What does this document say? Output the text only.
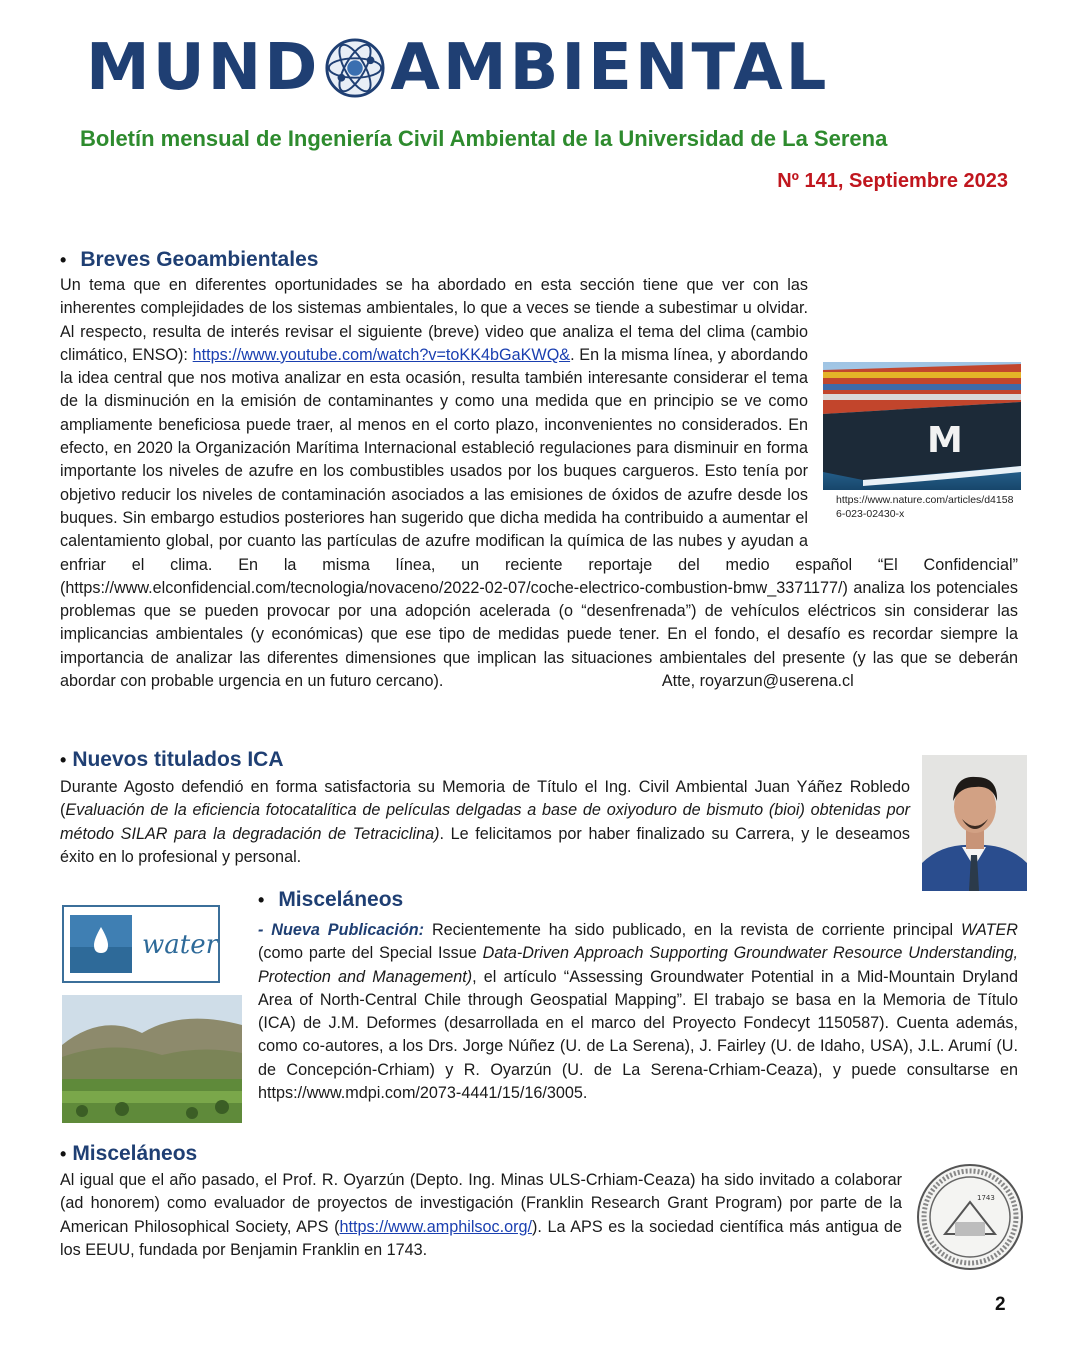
MUND AMBIENTAL
Boletín mensual de Ingeniería Civil Ambiental de la Universidad de La Serena
Nº 141, Septiembre 2023
• Breves Geoambientales
Un tema que en diferentes oportunidades se ha abordado en esta sección tiene que ver con las inherentes complejidades de los sistemas ambientales, lo que a veces se tiende a subestimar u olvidar. Al respecto, resulta de interés revisar el siguiente (breve) video que analiza el tema del clima (cambio climático, ENSO): https://www.youtube.com/watch?v=toKK4bGaKWQ&. En la misma línea, y abordando la idea central que nos motiva analizar en esta ocasión, resulta también interesante considerar el tema de la disminución en la emisión de contaminantes y como una medida que en principio se ve como ampliamente beneficiosa puede traer, al menos en el corto plazo, inconvenientes no considerados. En efecto, en 2020 la Organización Marítima Internacional estableció regulaciones para disminuir en forma importante los niveles de azufre en los combustibles usados por los buques cargueros. Esto tenía por objetivo reducir los niveles de contaminación asociados a las emisiones de óxidos de azufre desde los buques. Sin embargo estudios posteriores han sugerido que dicha medida ha contribuido a aumentar el calentamiento global, por cuanto las partículas de azufre modifican la química de las nubes y ayudan a enfriar el clima. En la misma línea, un reciente reportaje del medio español “El Confidencial” (https://www.elconfidencial.com/tecnologia/novaceno/2022-02-07/coche-electrico-combustion-bmw_3371177/) analiza los potenciales problemas que se pueden provocar por una adopción acelerada (o “desenfrenada”) de vehículos eléctricos sin considerar las implicancias ambientales (y económicas) que ese tipo de medidas puede tener. En el fondo, el desafío es recordar siempre la importancia de analizar las diferentes dimensiones que implican las situaciones ambientales del presente (y las que se deberán abordar con probable urgencia en un futuro cercano).	Atte, royarzun@userena.cl
M
https://www.nature.com/articles/d41586-023-02430-x
• Nuevos titulados ICA
Durante Agosto defendió en forma satisfactoria su Memoria de Título el Ing. Civil Ambiental Juan Yáñez Robledo (Evaluación de la eficiencia fotocatalítica de películas delgadas a base de oxiyoduro de bismuto (bioi) obtenidas por método SILAR para la degradación de Tetraciclina). Le felicitamos por haber finalizado su Carrera, y le deseamos éxito en lo profesional y personal.
• Misceláneos
water - Nueva Publicación: Recientemente ha sido publicado, en la revista de corriente principal WATER (como parte del Special Issue Data-Driven Approach Supporting Groundwater Resource Understanding, Protection and Management), el artículo “Assessing Groundwater Potential in a Mid-Mountain Dryland Area of North-Central Chile through Geospatial Mapping”. El trabajo se basa en la Memoria de Título (ICA) de J.M. Deformes (desarrollada en el marco del Proyecto Fondecyt 1150587). Cuenta además, como co-autores, a los Drs. Jorge Núñez (U. de La Serena), J. Fairley (U. de Idaho, USA), J.L. Arumí (U. de Concepción-Crhiam) y R. Oyarzún (U. de La Serena-Crhiam-Ceaza), y puede consultarse en https://www.mdpi.com/2073-4441/15/16/3005.
• Misceláneos
Al igual que el año pasado, el Prof. R. Oyarzún (Depto. Ing. Minas ULS-Crhiam-Ceaza) ha sido invitado a colaborar (ad honorem) como evaluador de proyectos de investigación (Franklin Research Grant Program) por parte de la American Philosophical Society, APS (https://www.amphilsoc.org/). La APS es la sociedad científica más antigua de los EEUU, fundada por Benjamin Franklin en 1743.
1743
2
